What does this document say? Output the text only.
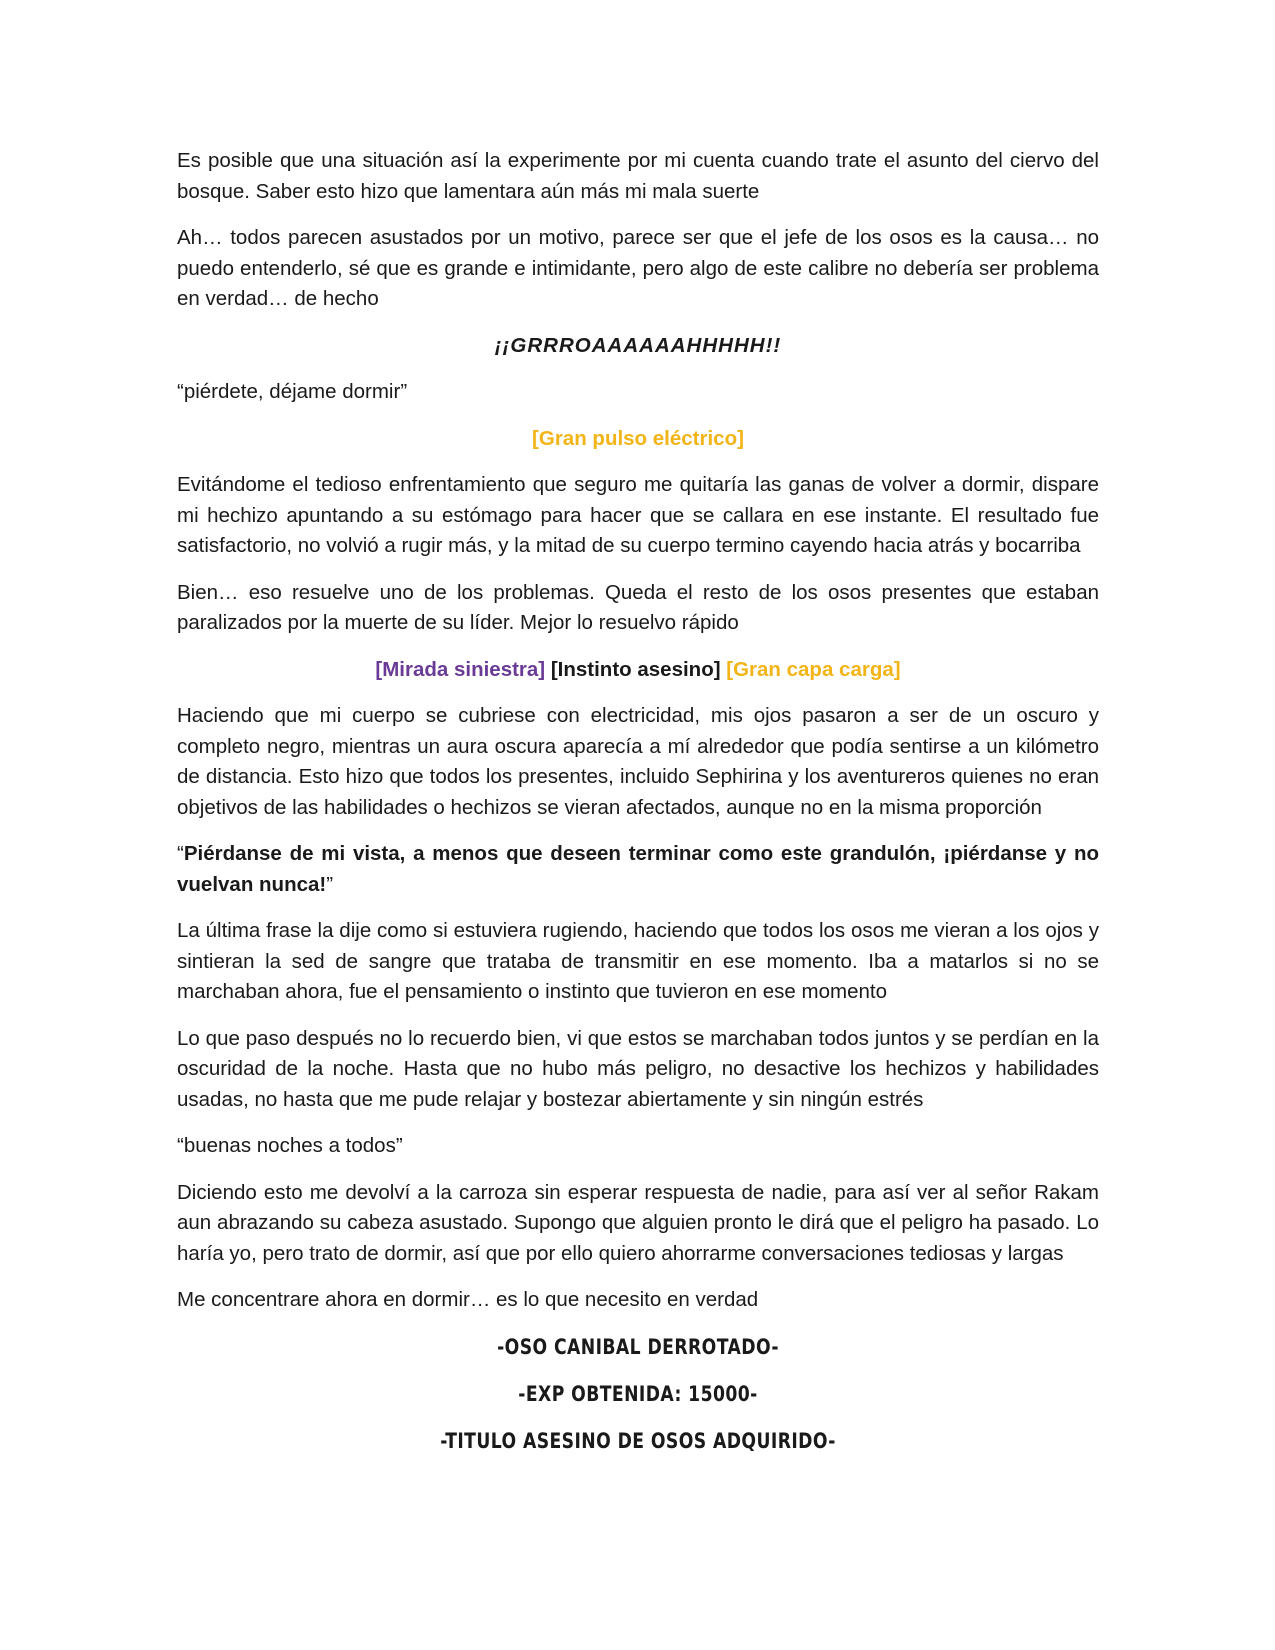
Es posible que una situación así la experimente por mi cuenta cuando trate el asunto del ciervo del bosque. Saber esto hizo que lamentara aún más mi mala suerte

Ah… todos parecen asustados por un motivo, parece ser que el jefe de los osos es la causa… no puedo entenderlo, sé que es grande e intimidante, pero algo de este calibre no debería ser problema en verdad… de hecho

¡¡GRRROAAAAAAHHHHH!!

“piérdete, déjame dormir”

[Gran pulso eléctrico]

Evitándome el tedioso enfrentamiento que seguro me quitaría las ganas de volver a dormir, dispare mi hechizo apuntando a su estómago para hacer que se callara en ese instante. El resultado fue satisfactorio, no volvió a rugir más, y la mitad de su cuerpo termino cayendo hacia atrás y bocarriba

Bien… eso resuelve uno de los problemas. Queda el resto de los osos presentes que estaban paralizados por la muerte de su líder. Mejor lo resuelvo rápido

[Mirada siniestra] [Instinto asesino] [Gran capa carga]

Haciendo que mi cuerpo se cubriese con electricidad, mis ojos pasaron a ser de un oscuro y completo negro, mientras un aura oscura aparecía a mí alrededor que podía sentirse a un kilómetro de distancia. Esto hizo que todos los presentes, incluido Sephirina y los aventureros quienes no eran objetivos de las habilidades o hechizos se vieran afectados, aunque no en la misma proporción

“Piérdanse de mi vista, a menos que deseen terminar como este grandulón, ¡piérdanse y no vuelvan nunca!”

La última frase la dije como si estuviera rugiendo, haciendo que todos los osos me vieran a los ojos y sintieran la sed de sangre que trataba de transmitir en ese momento. Iba a matarlos si no se marchaban ahora, fue el pensamiento o instinto que tuvieron en ese momento

Lo que paso después no lo recuerdo bien, vi que estos se marchaban todos juntos y se perdían en la oscuridad de la noche. Hasta que no hubo más peligro, no desactive los hechizos y habilidades usadas, no hasta que me pude relajar y bostezar abiertamente y sin ningún estrés

“buenas noches a todos”

Diciendo esto me devolví a la carroza sin esperar respuesta de nadie, para así ver al señor Rakam aun abrazando su cabeza asustado. Supongo que alguien pronto le dirá que el peligro ha pasado. Lo haría yo, pero trato de dormir, así que por ello quiero ahorrarme conversaciones tediosas y largas

Me concentrare ahora en dormir… es lo que necesito en verdad

-OSO CANIBAL DERROTADO-

-EXP OBTENIDA: 15000-

-TITULO ASESINO DE OSOS ADQUIRIDO-
